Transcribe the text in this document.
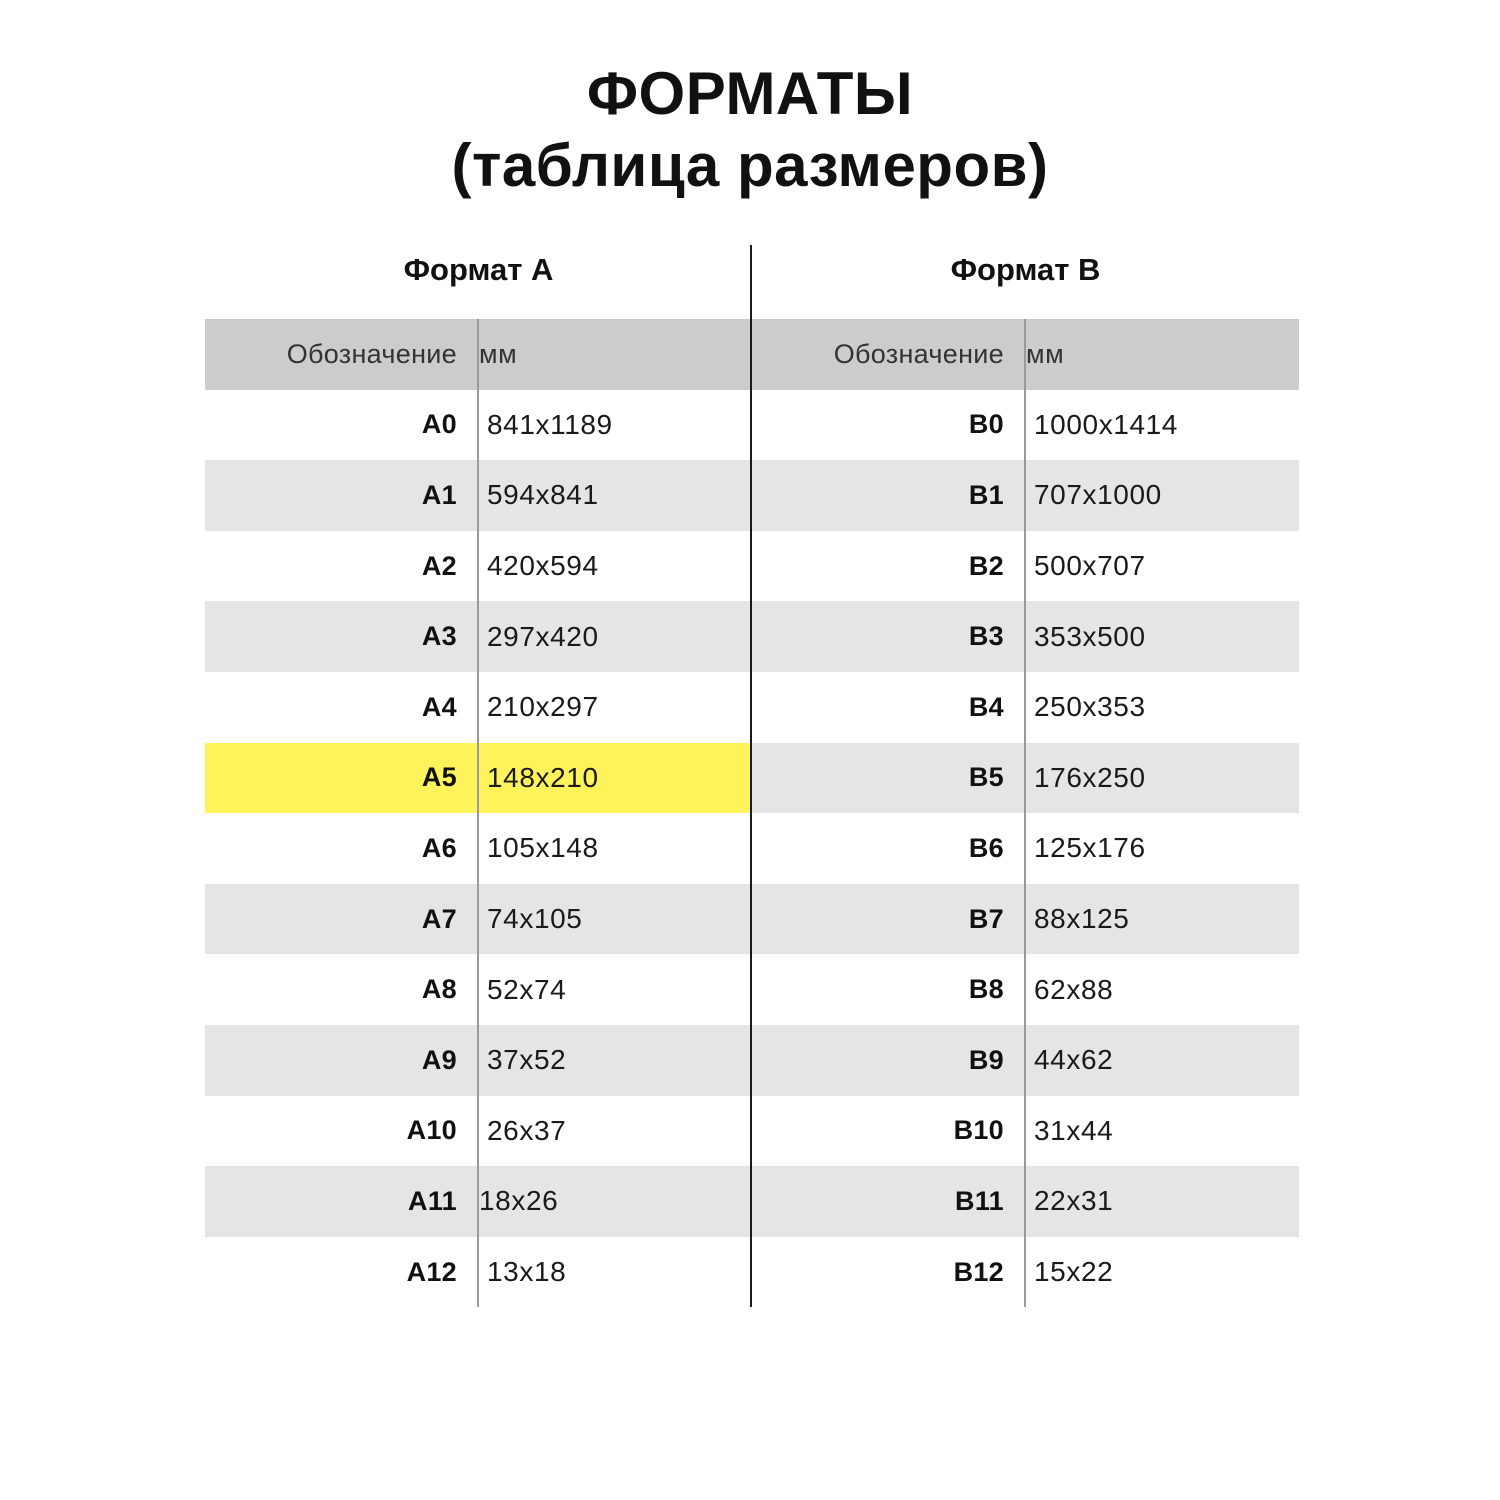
ФОРМАТЫ
(таблица размеров)
Формат А
Обозначение мм
А0	841x1189
А1	594x841
А2	420x594
А3	297x420
А4	210x297
А5	148x210
А6	105x148
А7	74x105
А8	52x74
А9	37x52
А10	26x37
А11 18x26
А12	13x18
Формат В
Обозначение мм
В0	1000x1414
В1	707x1000
В2	500x707
В3	353x500
В4	250x353
В5	176x250
В6	125x176
В7	88x125
В8	62x88
В9	44x62
В10	31x44
В11	22x31
В12	15x22
